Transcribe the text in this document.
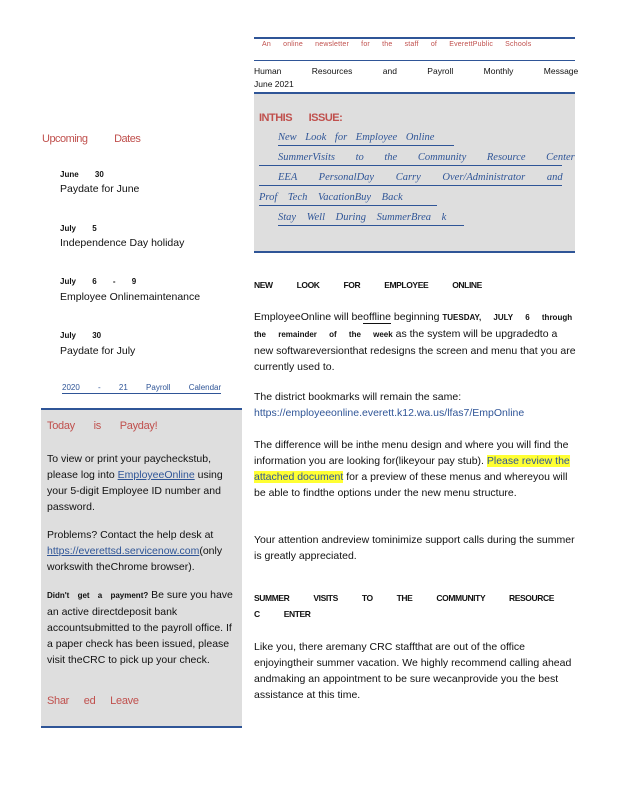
An online newsletter for the staff of EverettPublic Schools
Human Resources and Payroll Monthly Message
June 2021
INTHIS ISSUE:
New Look for Employee Online
SummerVisits to the Community Resource Center
EEA PersonalDay Carry Over/Administrator and
Prof Tech VacationBuy Back
Stay Well During SummerBrea k
Upcoming Dates
June 30
Paydate for June
July 5
Independence Day holiday
July 6 - 9
Employee Onlinemaintenance
July 30
Paydate for July
2020 - 21 Payroll Calendar
Today is Payday!
To view or print your paycheckstub, please log into EmployeeOnline using your 5-digit Employee ID number and password.
Problems? Contact the help desk at https://everettsd.servicenow.com(only workswith theChrome browser).
Didn't get a payment? Be sure you have an active directdeposit bank accountsubmitted to the payroll office. If a paper check has been issued, please visit theCRC to pick up your check.
Shar ed Leave
NEW LOOK FOR EMPLOYEE ONLINE
EmployeeOnline will beoffline beginning TUESDAY, JULY 6 through the remainder of the week as the system will be upgradedto a new softwareversionthat redesigns the screen and menu that you are currently used to.
The district bookmarks will remain the same: https://employeeonline.everett.k12.wa.us/lfas7/EmpOnline
The difference will be inthe menu design and where you will find the information you are looking for(likeyour pay stub). Please review the attached document for a preview of these menus and whereyou will be able to findthe options under the new menu structure.
Your attention andreview tominimize support calls during the summer is greatly appreciated.
SUMMER VISITS TO THE COMMUNITY RESOURCE
C ENTER
Like you, there aremany CRC staffthat are out of the office enjoyingtheir summer vacation. We highly recommend calling ahead andmaking an appointment to be sure wecanprovide you the best assistance at this time.
